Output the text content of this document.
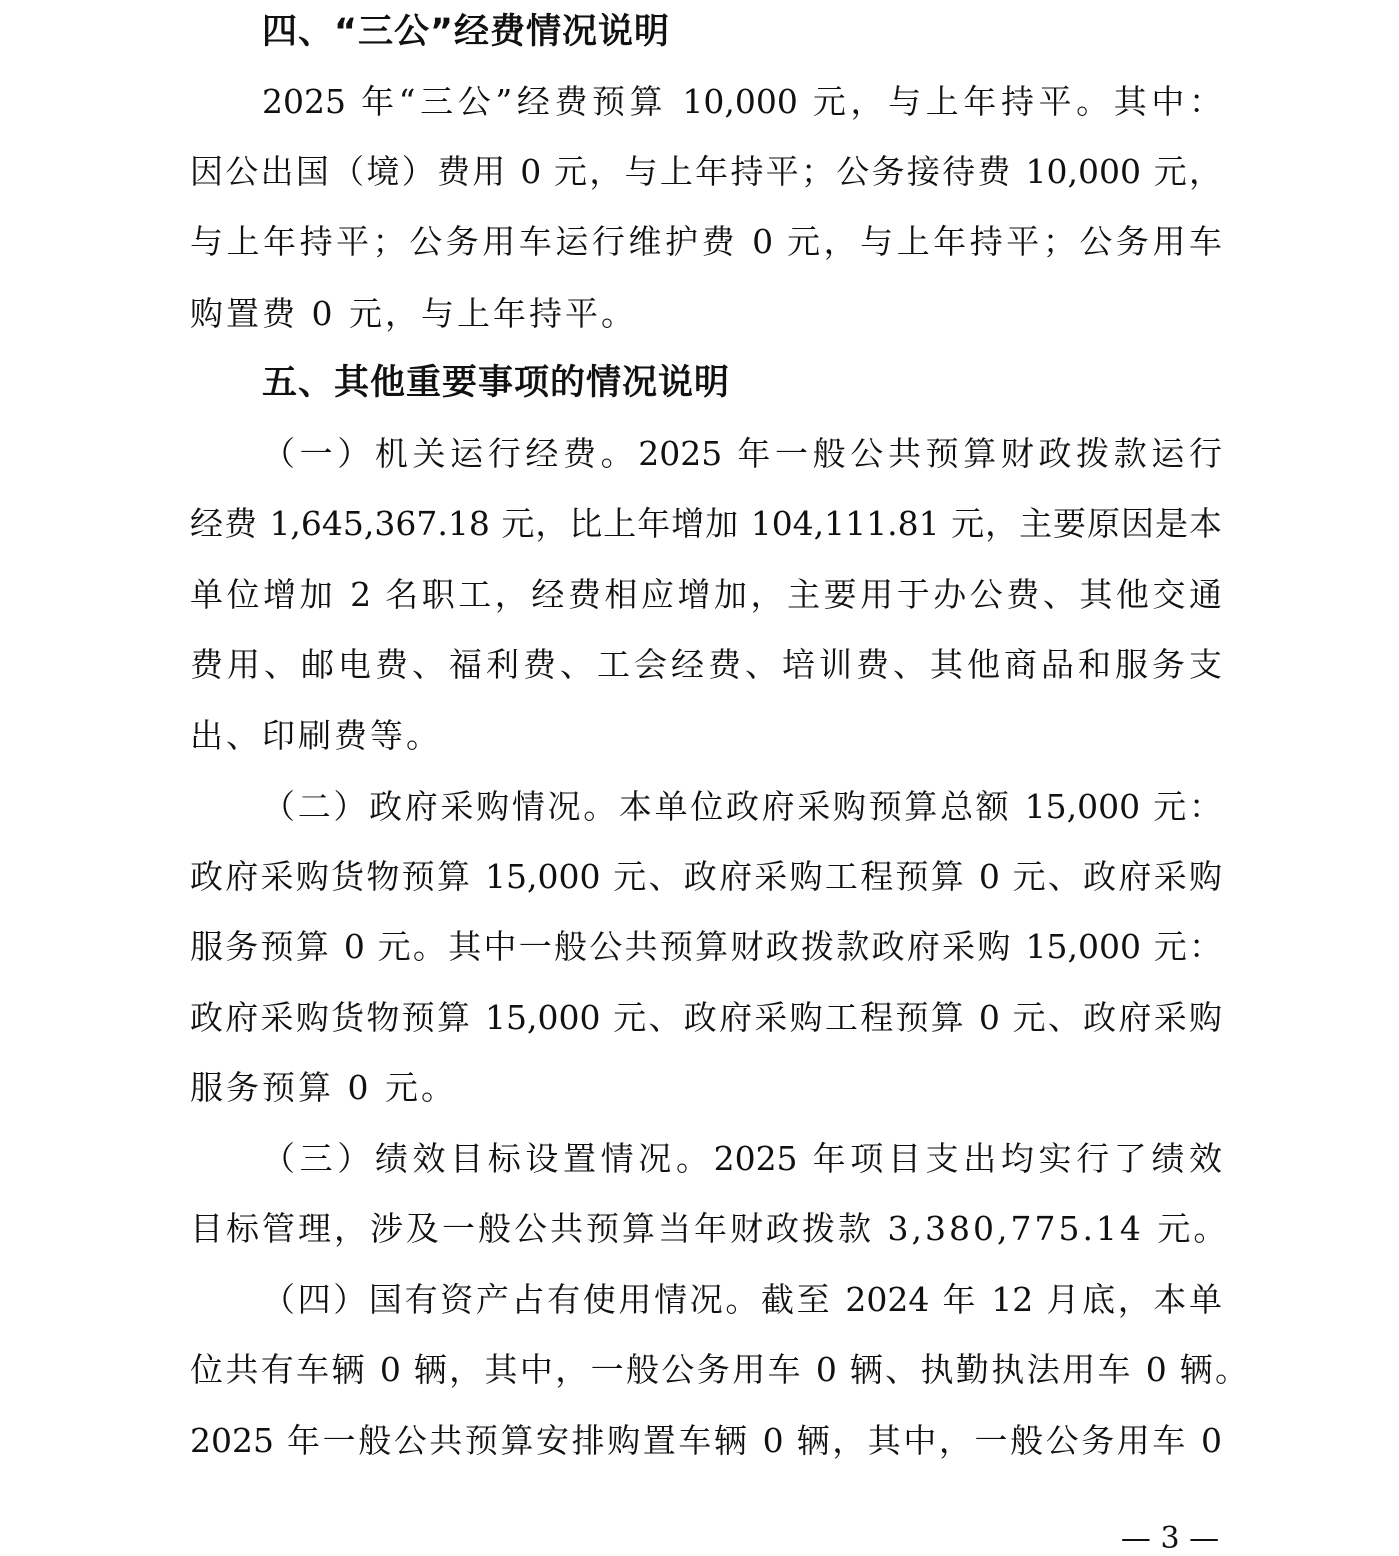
四、“三公”经费情况说明
2025 年“三公”经费预算 10,000 元，与上年持平。其中：
因公出国（境）费用 0 元，与上年持平；公务接待费 10,000 元，
与上年持平；公务用车运行维护费 0 元，与上年持平；公务用车
购置费 0 元，与上年持平。
五、其他重要事项的情况说明
（一）机关运行经费。2025 年一般公共预算财政拨款运行
经费 1,645,367.18 元，比上年增加 104,111.81 元，主要原因是本
单位增加 2 名职工，经费相应增加，主要用于办公费、其他交通
费用、邮电费、福利费、工会经费、培训费、其他商品和服务支
出、印刷费等。
（二）政府采购情况。本单位政府采购预算总额 15,000 元：
政府采购货物预算 15,000 元、政府采购工程预算 0 元、政府采购
服务预算 0 元。其中一般公共预算财政拨款政府采购 15,000 元：
政府采购货物预算 15,000 元、政府采购工程预算 0 元、政府采购
服务预算 0 元。
（三）绩效目标设置情况。2025 年项目支出均实行了绩效
目标管理，涉及一般公共预算当年财政拨款 3,380,775.14 元。
（四）国有资产占有使用情况。截至 2024 年 12 月底，本单
位共有车辆 0 辆，其中，一般公务用车 0 辆、执勤执法用车 0 辆。
2025 年一般公共预算安排购置车辆 0 辆，其中，一般公务用车 0
— 3 —
